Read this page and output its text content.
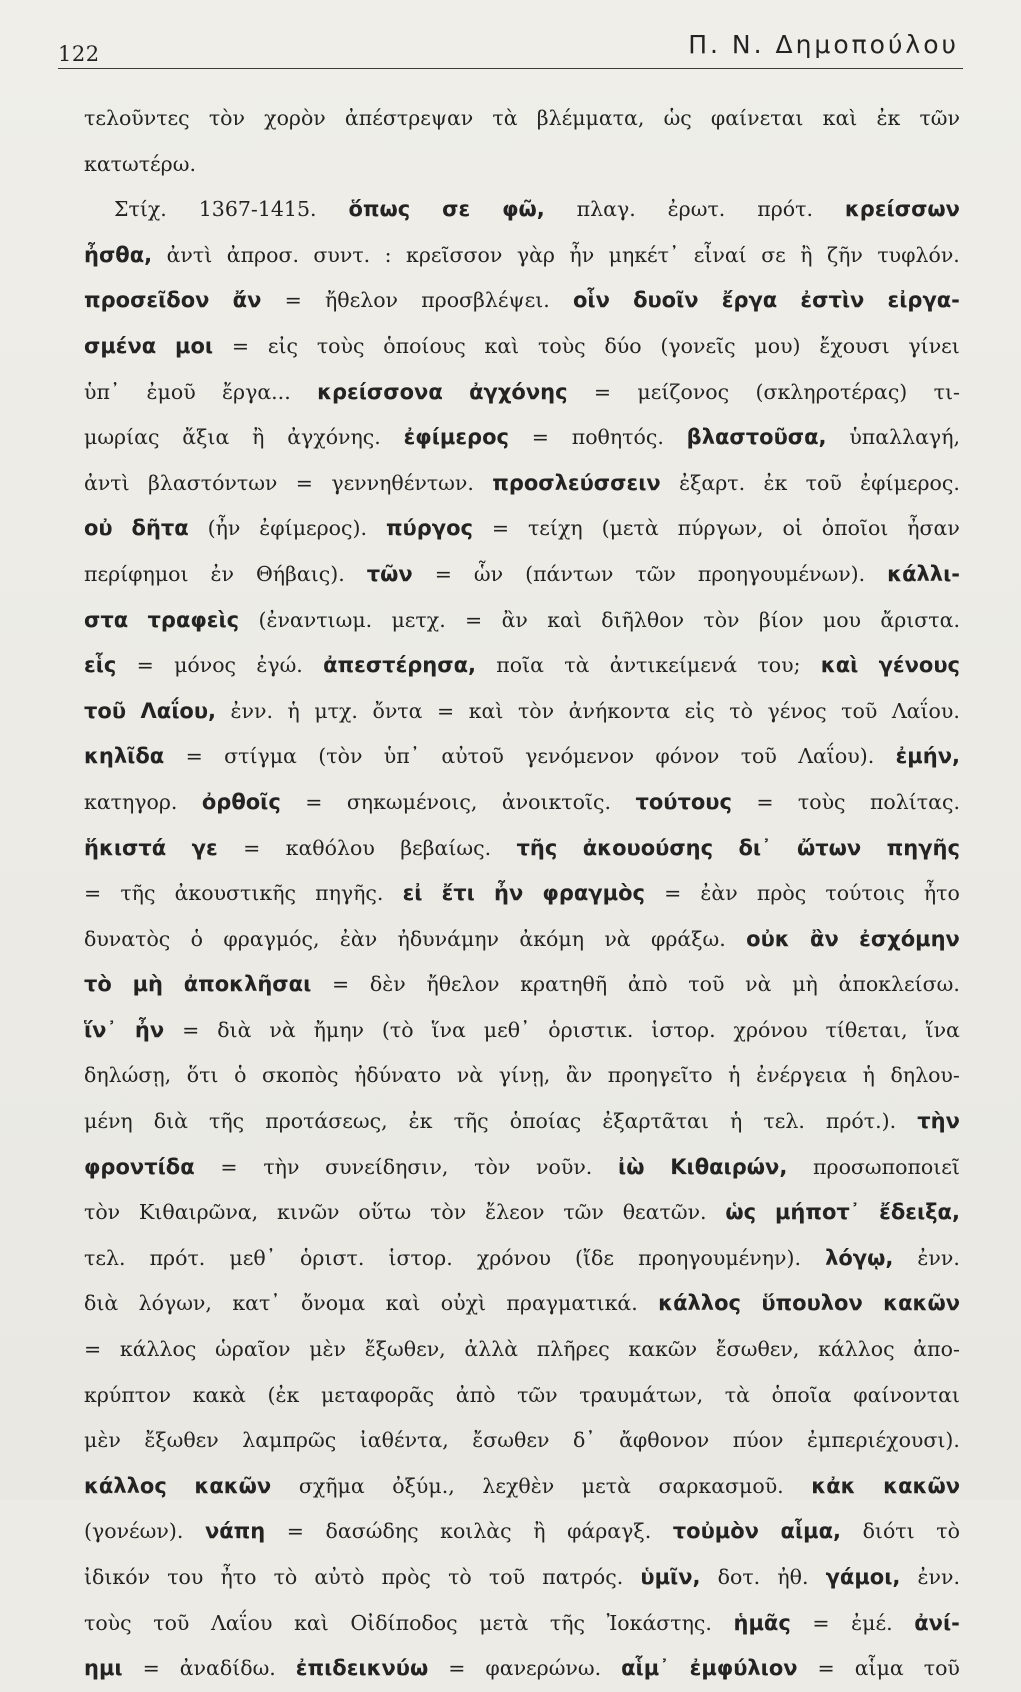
122	Π. Ν. Δημοπούλου
τελοῦντες τὸν χορὸν ἀπέστρεψαν τὰ βλέμματα, ὡς φαίνεται καὶ ἐκ τῶν
κατωτέρω.
Στίχ. 1367-1415. ὅπως σε φῶ, πλαγ. ἐρωτ. πρότ. κρείσσων
ἦσθα, ἀντὶ ἀπροσ. συντ. : κρεῖσσον γὰρ ἦν μηκέτ᾽ εἶναί σε ἢ ζῆν τυφλόν.
προσεῖδον ἄν = ἤθελον προσβλέψει. οἷν δυοῖν ἔργα ἐστὶν εἰργα-
σμένα μοι = εἰς τοὺς ὁποίους καὶ τοὺς δύο (γονεῖς μου) ἔχουσι γίνει
ὑπ᾽ ἐμοῦ ἔργα... κρείσσονα ἀγχόνης = μείζονος (σκληροτέρας) τι-
μωρίας ἄξια ἢ ἀγχόνης. ἐφίμερος = ποθητός. βλαστοῦσα, ὑπαλλαγή,
ἀντὶ βλαστόντων = γεννηθέντων. προσλεύσσειν ἐξαρτ. ἐκ τοῦ ἐφίμερος.
οὐ δῆτα (ἦν ἐφίμερος). πύργος = τείχη (μετὰ πύργων, οἱ ὁποῖοι ἦσαν
περίφημοι ἐν Θήβαις). τῶν = ὧν (πάντων τῶν προηγουμένων). κάλλι-
στα τραφεὶς (ἐναντιωμ. μετχ. = ἂν καὶ διῆλθον τὸν βίον μου ἄριστα.
εἷς = μόνος ἐγώ. ἀπεστέρησα, ποῖα τὰ ἀντικείμενά του; καὶ γένους
τοῦ Λαΐου, ἐνν. ἡ μτχ. ὄντα = καὶ τὸν ἀνήκοντα εἰς τὸ γένος τοῦ Λαΐου.
κηλῖδα = στίγμα (τὸν ὑπ᾽ αὐτοῦ γενόμενον φόνον τοῦ Λαΐου). ἐμήν,
κατηγορ. ὀρθοῖς = σηκωμένοις, ἀνοικτοῖς. τούτους = τοὺς πολίτας.
ἥκιστά γε = καθόλου βεβαίως. τῆς ἀκουούσης δι᾽ ὤτων πηγῆς
= τῆς ἀκουστικῆς πηγῆς. εἰ ἔτι ἦν φραγμὸς = ἐὰν πρὸς τούτοις ἦτο
δυνατὸς ὁ φραγμός, ἐὰν ἠδυνάμην ἀκόμη νὰ φράξω. οὐκ ἂν ἐσχόμην
τὸ μὴ ἀποκλῆσαι = δὲν ἤθελον κρατηθῆ ἀπὸ τοῦ νὰ μὴ ἀποκλείσω.
ἵν᾽ ἦν = διὰ νὰ ἤμην (τὸ ἵνα μεθ᾽ ὁριστικ. ἱστορ. χρόνου τίθεται, ἵνα
δηλώσῃ, ὅτι ὁ σκοπὸς ἠδύνατο νὰ γίνῃ, ἂν προηγεῖτο ἡ ἐνέργεια ἡ δηλου-
μένη διὰ τῆς προτάσεως, ἐκ τῆς ὁποίας ἐξαρτᾶται ἡ τελ. πρότ.). τὴν
φροντίδα = τὴν συνείδησιν, τὸν νοῦν. ἰὼ Κιθαιρών, προσωποποιεῖ
τὸν Κιθαιρῶνα, κινῶν οὕτω τὸν ἔλεον τῶν θεατῶν. ὡς μήποτ᾽ ἔδειξα,
τελ. πρότ. μεθ᾽ ὁριστ. ἱστορ. χρόνου (ἴδε προηγουμένην). λόγῳ, ἐνν.
διὰ λόγων, κατ᾽ ὄνομα καὶ οὐχὶ πραγματικά. κάλλος ὕπουλον κακῶν
= κάλλος ὡραῖον μὲν ἔξωθεν, ἀλλὰ πλῆρες κακῶν ἔσωθεν, κάλλος ἀπο-
κρύπτον κακὰ (ἐκ μεταφορᾶς ἀπὸ τῶν τραυμάτων, τὰ ὁποῖα φαίνονται
μὲν ἔξωθεν λαμπρῶς ἰαθέντα, ἔσωθεν δ᾽ ἄφθονον πύον ἐμπεριέχουσι).
κάλλος κακῶν σχῆμα ὀξύμ., λεχθὲν μετὰ σαρκασμοῦ. κἀκ κακῶν
(γονέων). νάπη = δασώδης κοιλὰς ἢ φάραγξ. τοὐμὸν αἷμα, διότι τὸ
ἰδικόν του ἦτο τὸ αὐτὸ πρὸς τὸ τοῦ πατρός. ὑμῖν, δοτ. ἠθ. γάμοι, ἐνν.
τοὺς τοῦ Λαΐου καὶ Οἰδίποδος μετὰ τῆς Ἰοκάστης. ἡμᾶς = ἐμέ. ἀνί-
ημι = ἀναδίδω. ἐπιδεικνύω = φανερώνω. αἷμ᾽ ἐμφύλιον = αἷμα τοῦ
